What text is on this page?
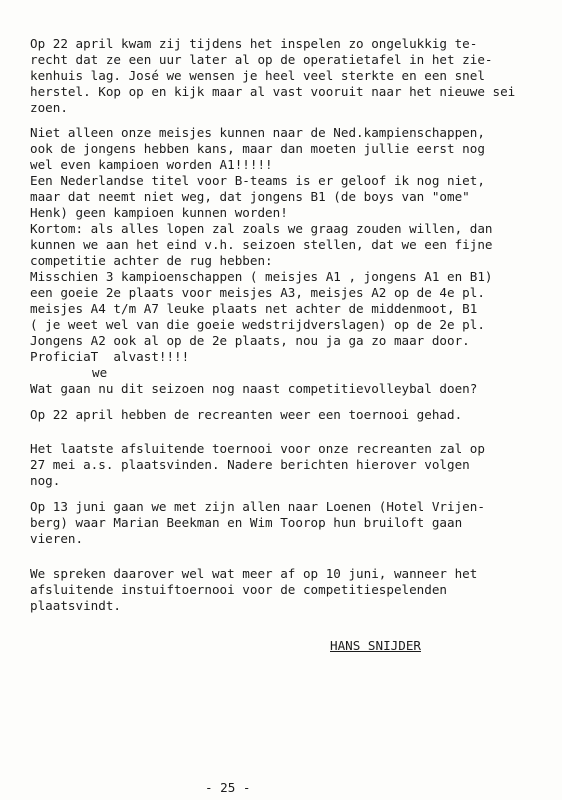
Op 22 april kwam zij tijdens het inspelen zo ongelukkig te-
recht dat ze een uur later al op de operatietafel in het zie-
kenhuis lag. José we wensen je heel veel sterkte en een snel
herstel. Kop op en kijk maar al vast vooruit naar het nieuwe sei
zoen.
Niet alleen onze meisjes kunnen naar de Ned.kampienschappen,
ook de jongens hebben kans, maar dan moeten jullie eerst nog
wel even kampioen worden A1!!!!!
Een Nederlandse titel voor B-teams is er geloof ik nog niet,
maar dat neemt niet weg, dat jongens B1 (de boys van "ome"
Henk) geen kampioen kunnen worden!
Kortom: als alles lopen zal zoals we graag zouden willen, dan
kunnen we aan het eind v.h. seizoen stellen, dat we een fijne
competitie achter de rug hebben:
Misschien 3 kampioenschappen ( meisjes A1 , jongens A1 en B1)
een goeie 2e plaats voor meisjes A3, meisjes A2 op de 4e pl.
meisjes A4 t/m A7 leuke plaats net achter de middenmoot, B1
( je weet wel van die goeie wedstrijdverslagen) op de 2e pl.
Jongens A2 ook al op de 2e plaats, nou ja ga zo maar door.
ProficiaT  alvast!!!!
we
Wat gaan nu dit seizoen nog naast competitievolleybal doen?
Op 22 april hebben de recreanten weer een toernooi gehad.
Het laatste afsluitende toernooi voor onze recreanten zal op
27 mei a.s. plaatsvinden. Nadere berichten hierover volgen
nog.
Op 13 juni gaan we met zijn allen naar Loenen (Hotel Vrijen-
berg) waar Marian Beekman en Wim Toorop hun bruiloft gaan
vieren.
We spreken daarover wel wat meer af op 10 juni, wanneer het
afsluitende instuiftoernooi voor de competitiespelenden
plaatsvindt.
HANS SNIJDER
- 25 -
